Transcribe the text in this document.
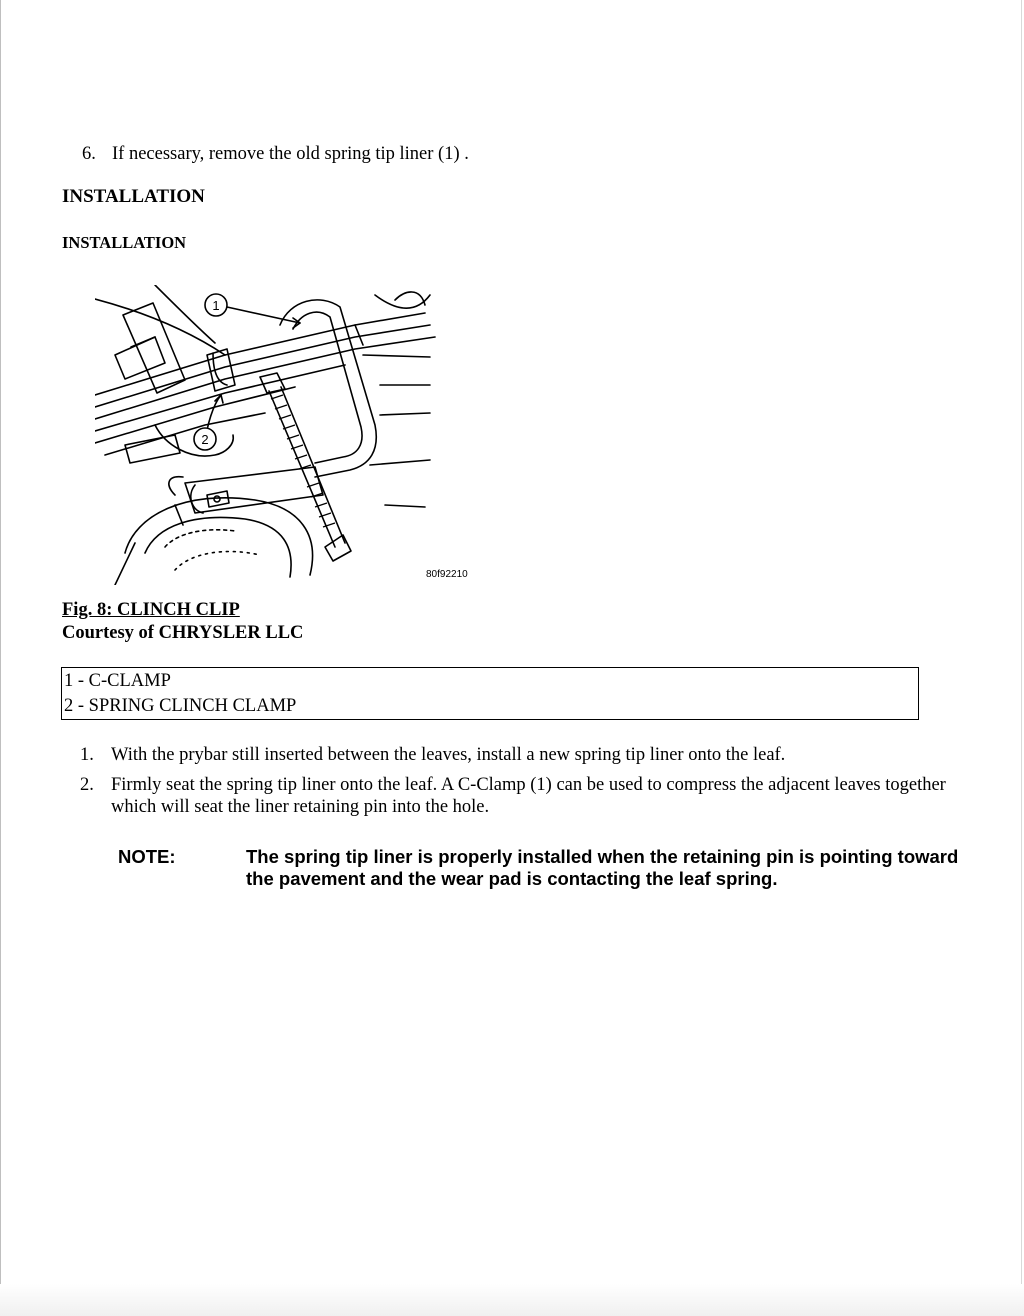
6. If necessary, remove the old spring tip liner (1) .
INSTALLATION
INSTALLATION
1
2
80f92210
Fig. 8: CLINCH CLIP
Courtesy of CHRYSLER LLC
1 - C-CLAMP
2 - SPRING CLINCH CLAMP
1. With the prybar still inserted between the leaves, install a new spring tip liner onto the leaf.
2. Firmly seat the spring tip liner onto the leaf. A C-Clamp (1) can be used to compress the adjacent leaves together which will seat the liner retaining pin into the hole.
NOTE:	The spring tip liner is properly installed when the retaining pin is pointing toward the pavement and the wear pad is contacting the leaf spring.
